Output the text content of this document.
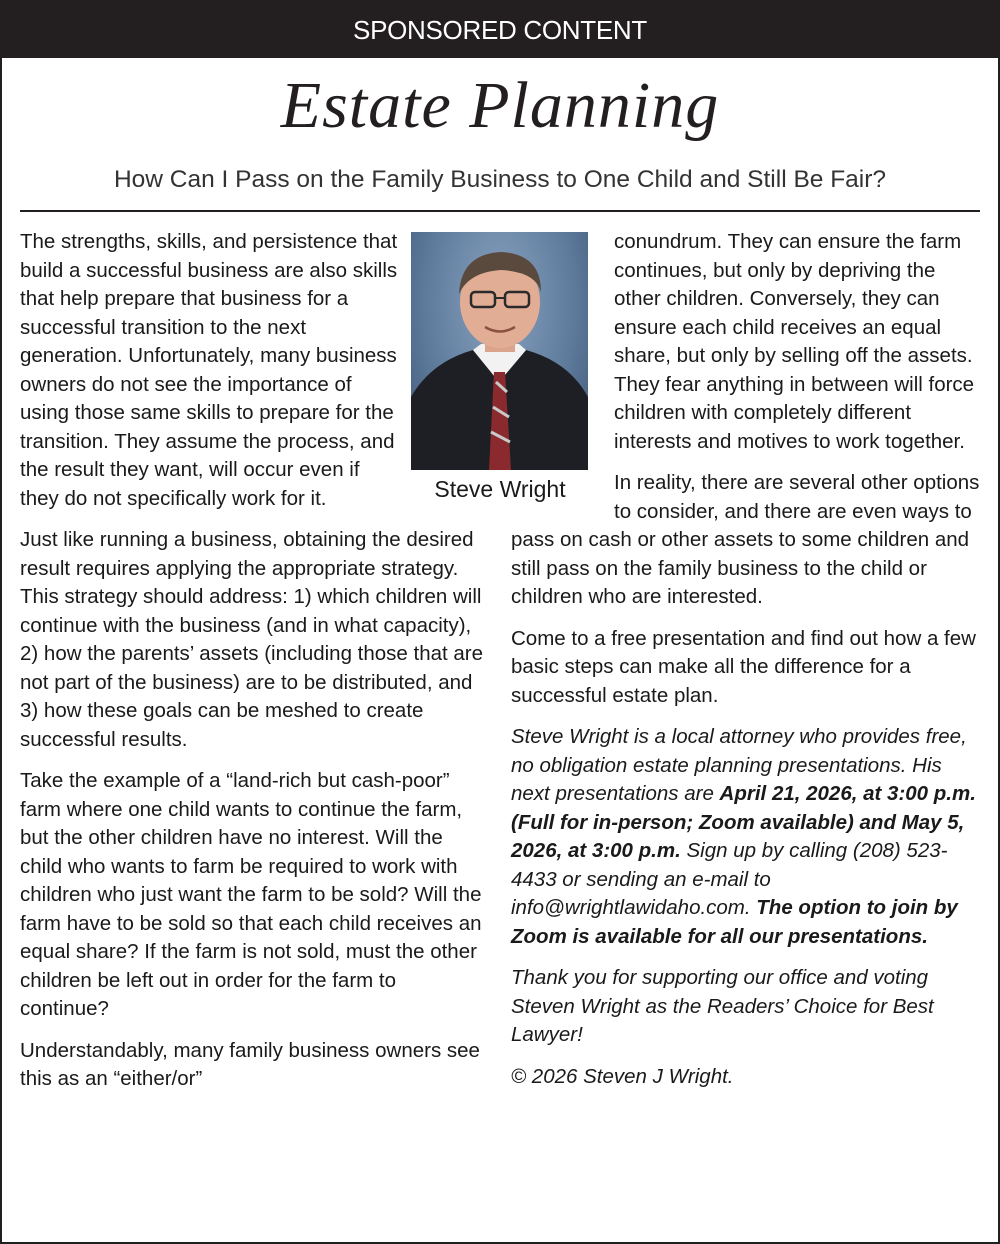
SPONSORED CONTENT
Estate Planning
How Can I Pass on the Family Business to One Child and Still Be Fair?

The strengths, skills, and persistence that build a successful business are also skills that help prepare that business for a successful transition to the next generation. Unfortunately, many business owners do not see the importance of using those same skills to prepare for the transition. They assume the process, and the result they want, will occur even if they do not specifically work for it.

Just like running a business, obtaining the desired result requires applying the appropriate strategy. This strategy should address: 1) which children will continue with the business (and in what capacity), 2) how the parents’ assets (including those that are not part of the business) are to be distributed, and 3) how these goals can be meshed to create successful results.

Take the example of a “land-rich but cash-poor” farm where one child wants to continue the farm, but the other children have no interest. Will the child who wants to farm be required to work with children who just want the farm to be sold? Will the farm have to be sold so that each child receives an equal share? If the farm is not sold, must the other children be left out in order for the farm to continue?

Understandably, many family business owners see this as an “either/or”

conundrum. They can ensure the farm continues, but only by depriving the other children. Conversely, they can ensure each child receives an equal share, but only by selling off the assets. They fear anything in between will force children with completely different interests and motives to work together.

In reality, there are several other options to consider, and there are even ways to pass on cash or other assets to some children and still pass on the family business to the child or children who are interested.

Come to a free presentation and find out how a few basic steps can make all the difference for a successful estate plan.

Steve Wright is a local attorney who provides free, no obligation estate planning presentations. His next presentations are April 21, 2026, at 3:00 p.m. (Full for in-person; Zoom available) and May 5, 2026, at 3:00 p.m. Sign up by calling (208) 523-4433 or sending an e-mail to info@wrightlawidaho.com. The option to join by Zoom is available for all our presentations.

Thank you for supporting our office and voting Steven Wright as the Readers’ Choice for Best Lawyer!

© 2026 Steven J Wright.

Steve Wright
